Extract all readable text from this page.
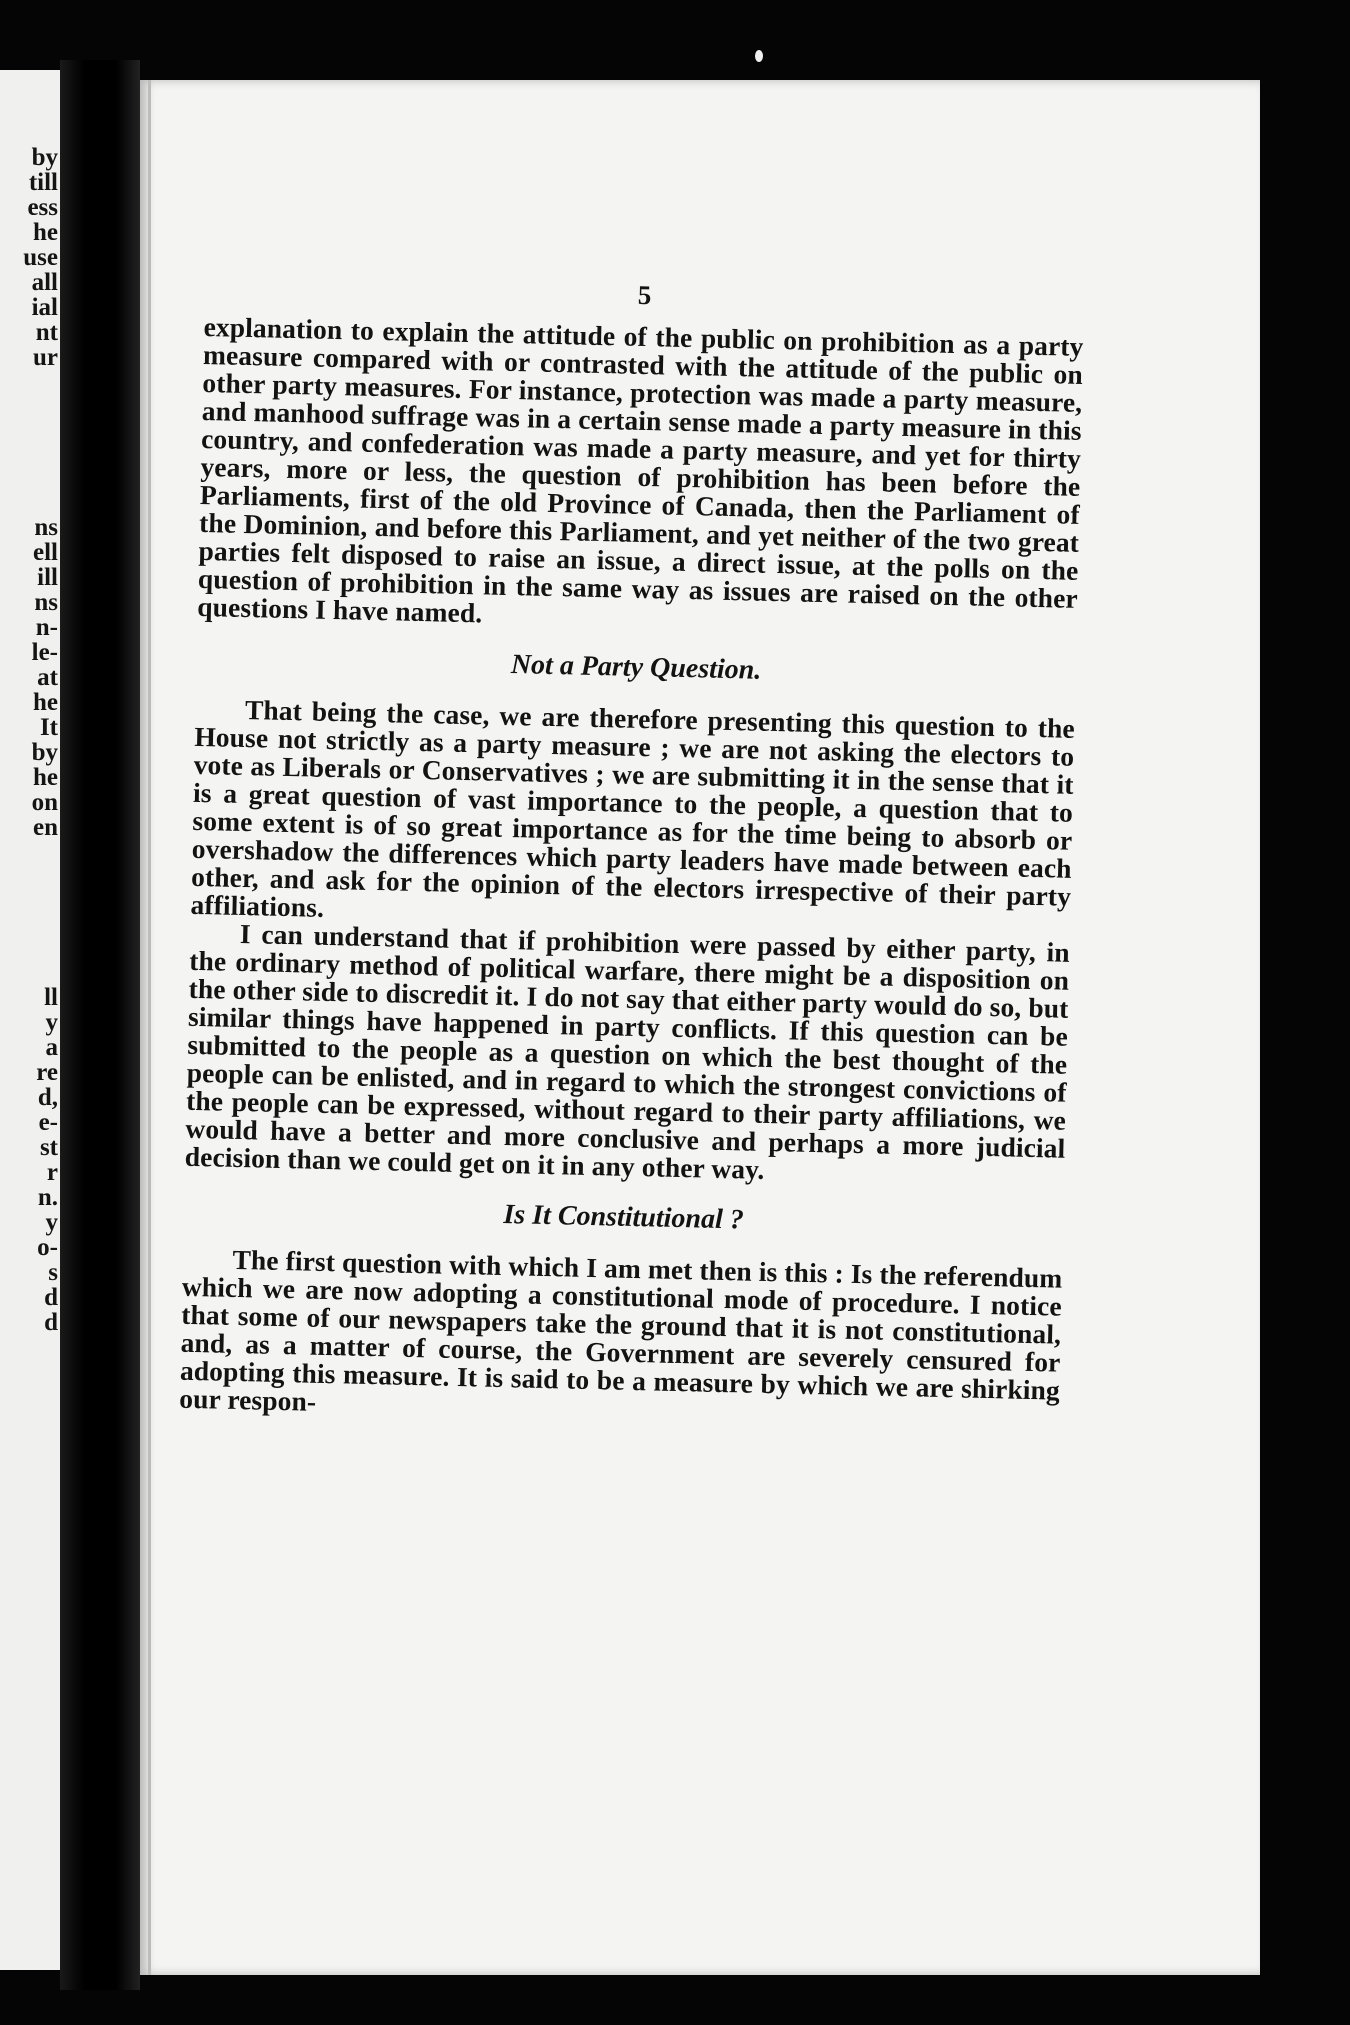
by
till
ess
he
use
all
ial
nt
ur
ns
ell
ill
ns
n-
le-
at
he
It
by
he
on
en
ll
y
a
re
d,
e-
st
r
n.
y
o-
s
d
d
5

explanation to explain the attitude of the public on prohibition as a party measure compared with or contrasted with the attitude of the public on other party measures. For instance, protection was made a party measure, and manhood suffrage was in a certain sense made a party measure in this country, and confederation was made a party measure, and yet for thirty years, more or less, the question of prohibition has been before the Parliaments, first of the old Province of Canada, then the Parliament of the Dominion, and before this Parliament, and yet neither of the two great parties felt disposed to raise an issue, a direct issue, at the polls on the question of prohibition in the same way as issues are raised on the other questions I have named.

Not a Party Question.

That being the case, we are therefore presenting this question to the House not strictly as a party measure ; we are not asking the electors to vote as Liberals or Conservatives ; we are submitting it in the sense that it is a great question of vast importance to the people, a question that to some extent is of so great importance as for the time being to absorb or overshadow the differences which party leaders have made between each other, and ask for the opinion of the electors irrespective of their party affiliations.

I can understand that if prohibition were passed by either party, in the ordinary method of political warfare, there might be a disposition on the other side to discredit it. I do not say that either party would do so, but similar things have happened in party conflicts. If this question can be submitted to the people as a question on which the best thought of the people can be enlisted, and in regard to which the strongest convictions of the people can be expressed, without regard to their party affiliations, we would have a better and more conclusive and perhaps a more judicial decision than we could get on it in any other way.

Is It Constitutional ?

The first question with which I am met then is this : Is the referendum which we are now adopting a constitutional mode of procedure. I notice that some of our newspapers take the ground that it is not constitutional, and, as a matter of course, the Government are severely censured for adopting this measure. It is said to be a measure by which we are shirking our respon-
